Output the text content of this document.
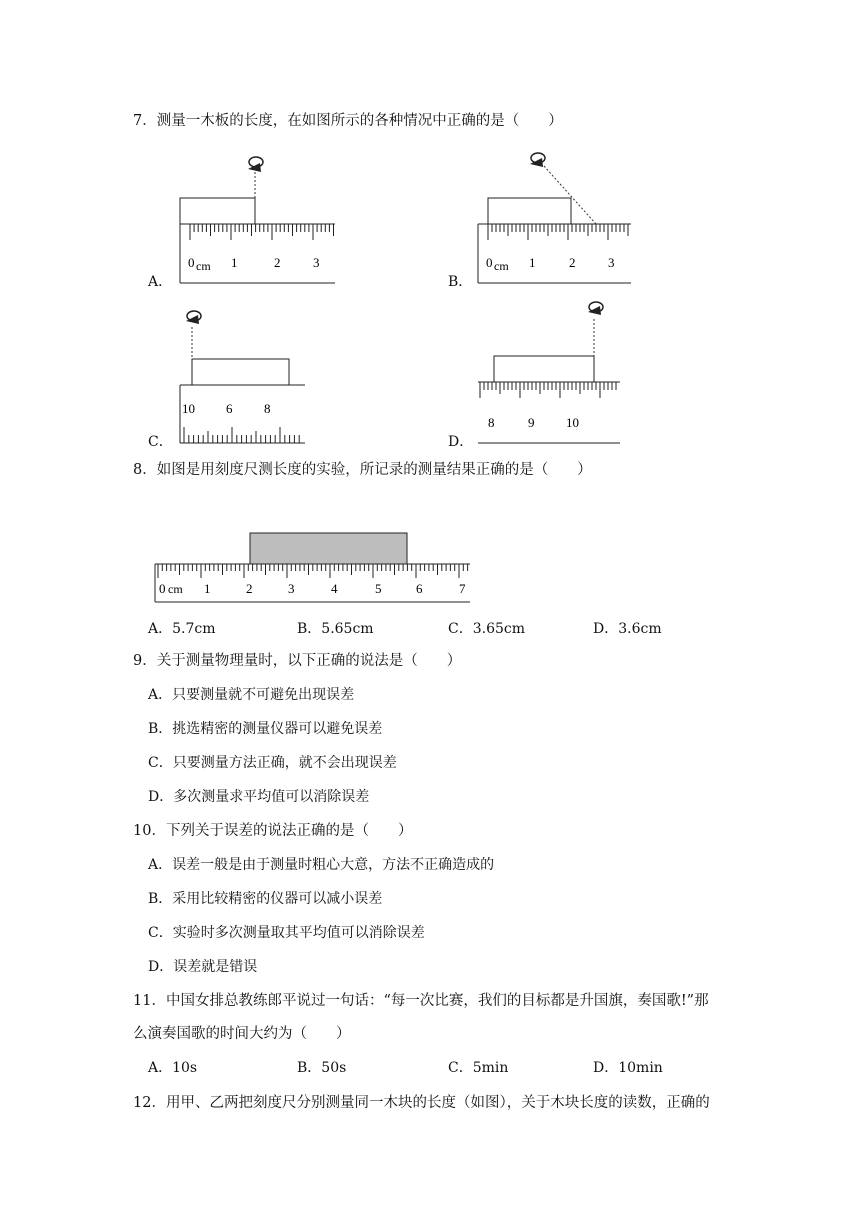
7．测量一木板的长度，在如图所示的各种情况中正确的是（　　）
0 cm 1	2	3
A．
0 cm 1	2	3
B．
10 6 8
C．
8	9 10
D．
8．如图是用刻度尺测长度的实验，所记录的测量结果正确的是（　　）
0 cm 1	2	3	4	5	6	7
A．5.7cm	B．5.65cm	C．3.65cm	D．3.6cm
9．关于测量物理量时，以下正确的说法是（　　）
A．只要测量就不可避免出现误差
B．挑选精密的测量仪器可以避免误差
C．只要测量方法正确，就不会出现误差
D．多次测量求平均值可以消除误差
10．下列关于误差的说法正确的是（　　）
A．误差一般是由于测量时粗心大意，方法不正确造成的
B．采用比较精密的仪器可以减小误差
C．实验时多次测量取其平均值可以消除误差
D．误差就是错误
11．中国女排总教练郎平说过一句话：“每一次比赛，我们的目标都是升国旗，奏国歌!”那
么演奏国歌的时间大约为（　　）
A．10s	B．50s	C．5min	D．10min
12．用甲、乙两把刻度尺分别测量同一木块的长度（如图），关于木块长度的读数，正确的
